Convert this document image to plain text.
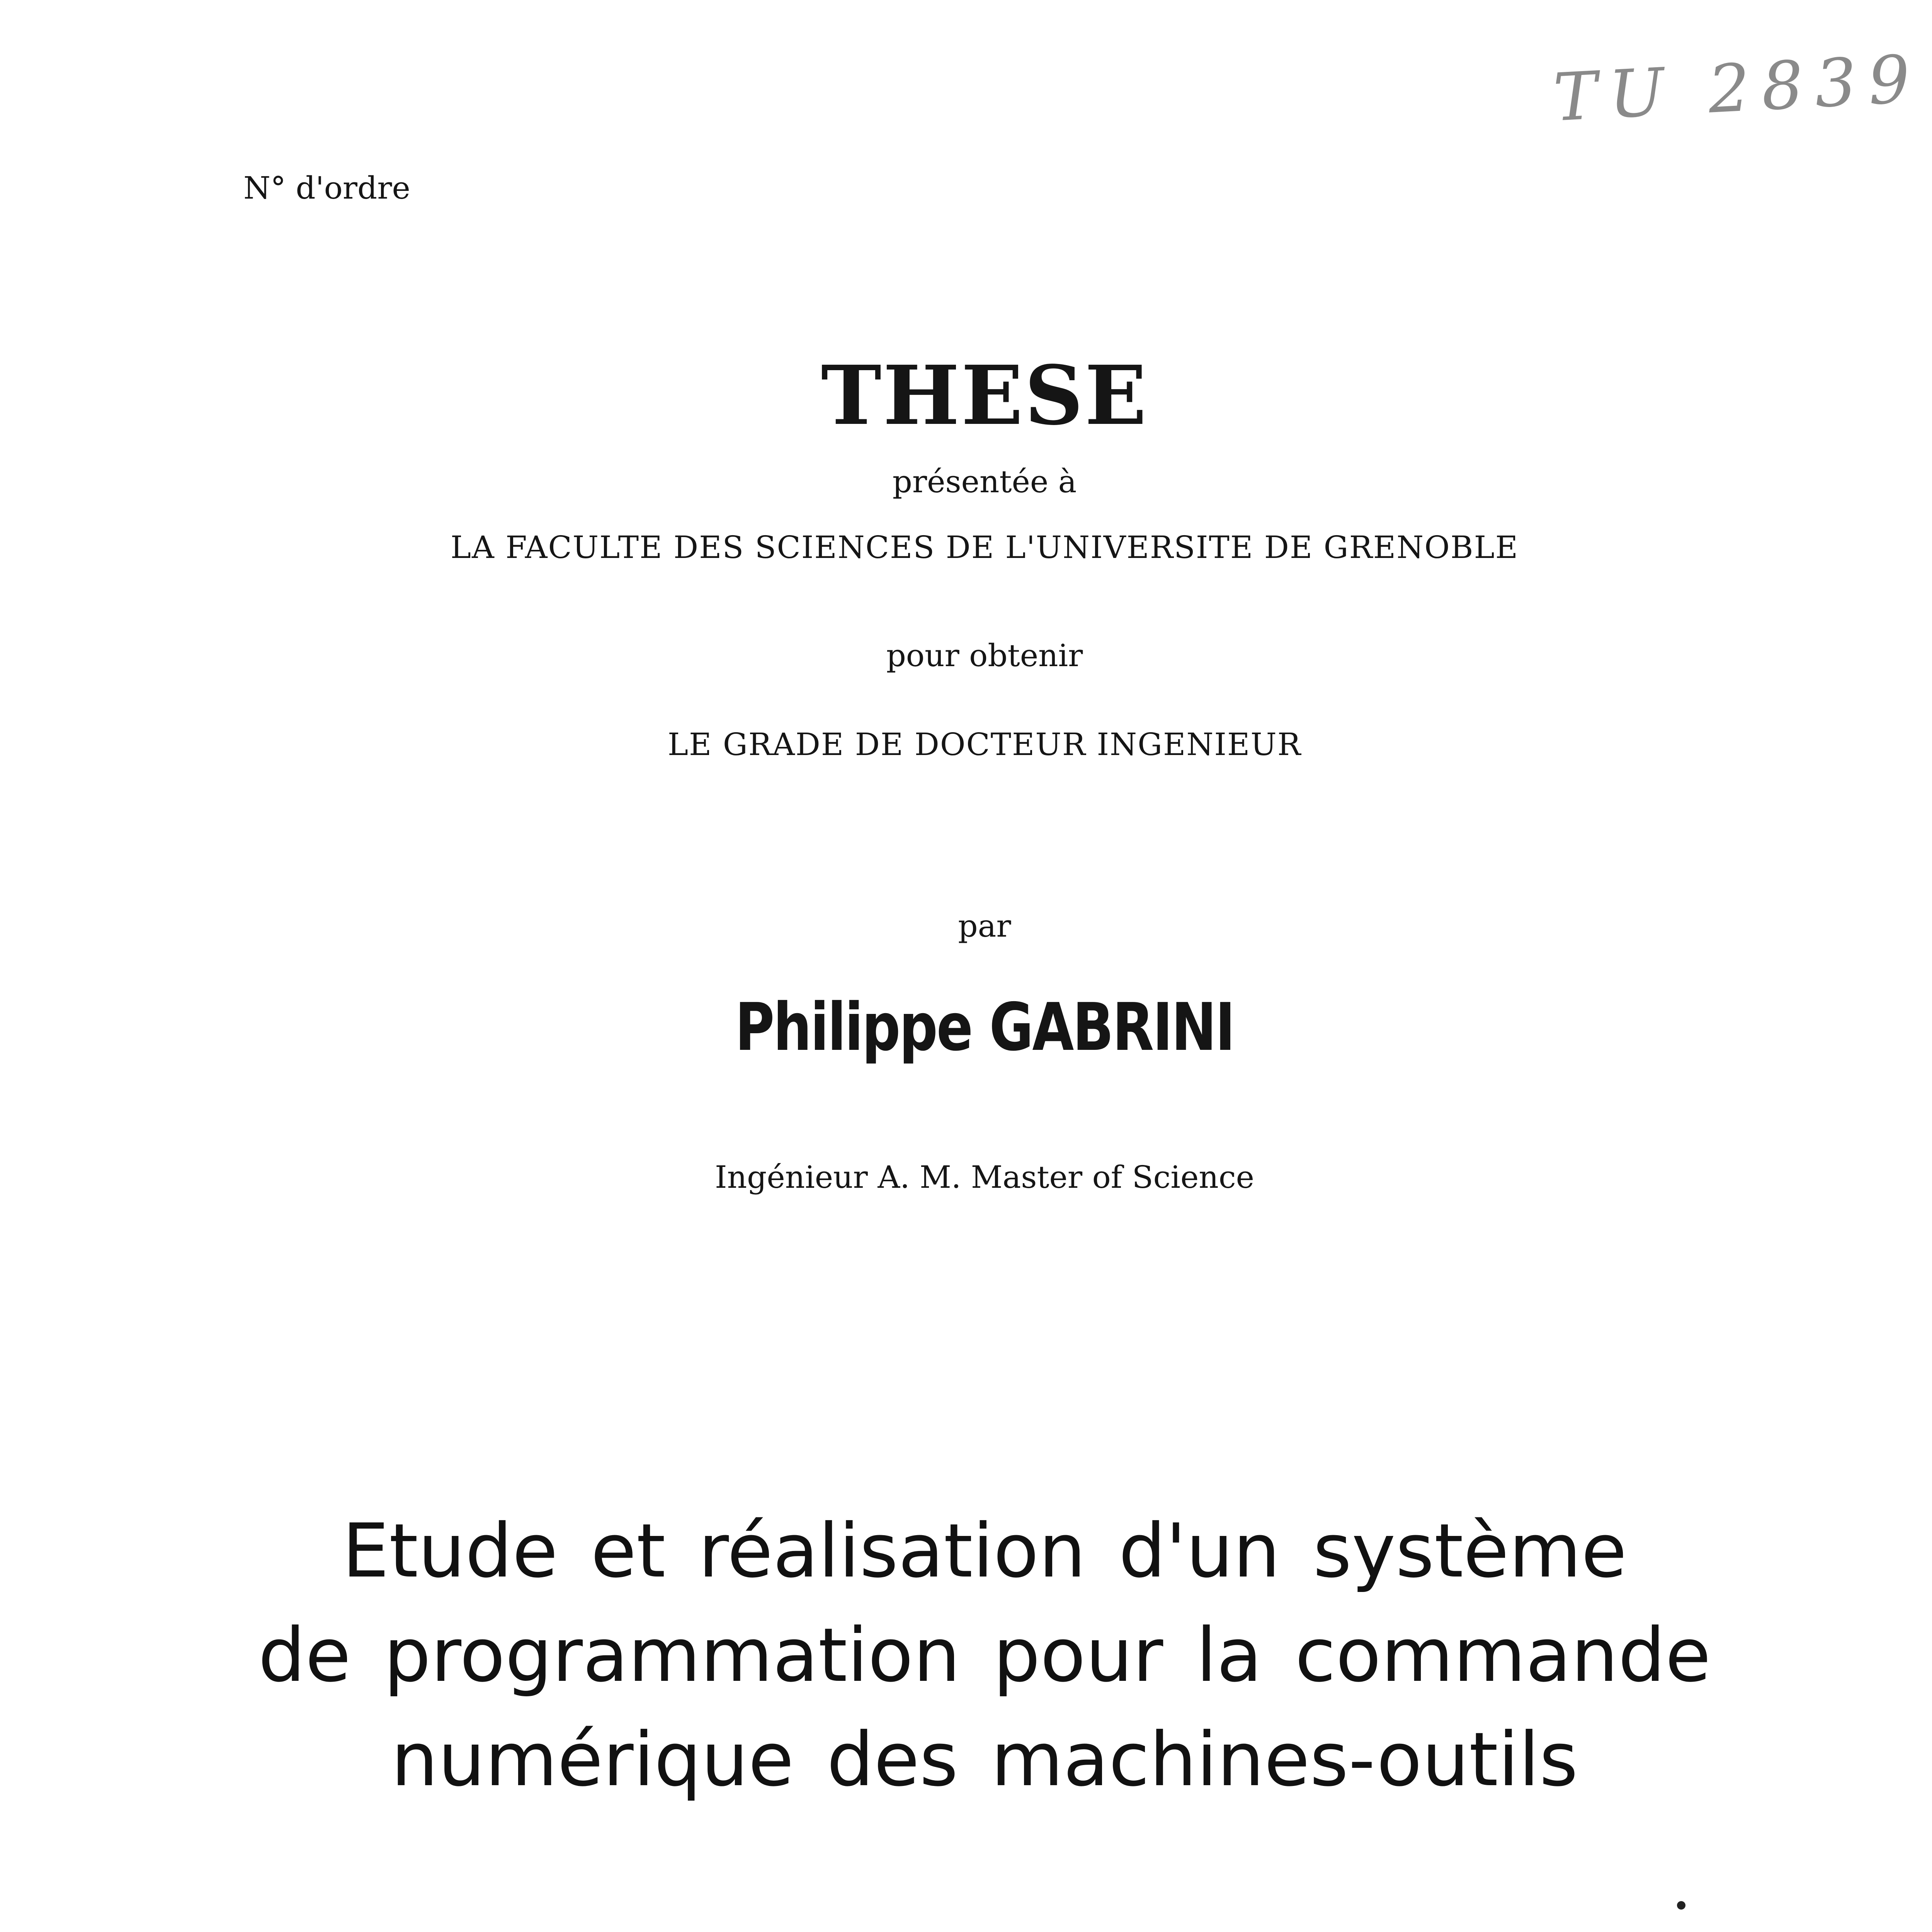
TU 2839
N° d'ordre
THESE
présentée à
LA FACULTE DES SCIENCES DE L'UNIVERSITE DE GRENOBLE
pour obtenir
LE GRADE DE DOCTEUR INGENIEUR
par
Philippe GABRINI
Ingénieur A. M. Master of Science
Etude et réalisation d'un système
de programmation pour la commande
numérique des machines-outils
